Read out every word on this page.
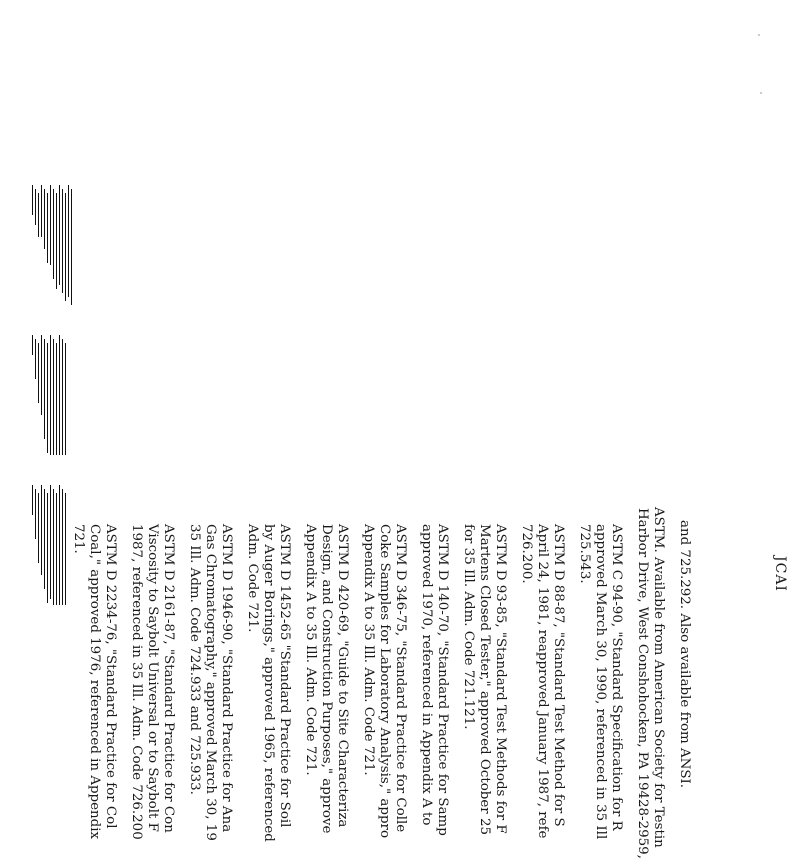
JCAI
and 725.292. Also available from ANSI.
ASTM. Available from American Society for Testin
Harbor Drive, West Conshohocken, PA 19428-2959,
ASTM C 94-90, "Standard Specification for R
approved March 30, 1990, referenced in 35 Ill
725.543.
ASTM D 88-87, "Standard Test Method for S
April 24, 1981, reapproved January 1987, refe
726.200.
ASTM D 93-85, "Standard Test Methods for F
Martens Closed Tester," approved October 25
for 35 Ill. Adm. Code 721.121.
ASTM D 140-70, "Standard Practice for Samp
approved 1970, referenced in Appendix A to
ASTM D 346-75, "Standard Practice for Colle
Coke Samples for Laboratory Analysis," appro
Appendix A to 35 Ill. Adm. Code 721.
ASTM D 420-69, "Guide to Site Characteriza
Design, and Construction Purposes," approve
Appendix A to 35 Ill. Adm. Code 721.
ASTM D 1452-65 "Standard Practice for Soil
by Auger Borings," approved 1965, referenced
Adm. Code 721.
ASTM D 1946-90, "Standard Practice for Ana
Gas Chromatography," approved March 30, 19
35 Ill. Adm. Code 724.933 and 725.933.
ASTM D 2161-87, "Standard Practice for Con
Viscosity to Saybolt Universal or to Saybolt F
1987, referenced in 35 Ill. Adm. Code 726.200
ASTM D 2234-76, "Standard Practice for Col
Coal," approved 1976, referenced in Appendix
721.
